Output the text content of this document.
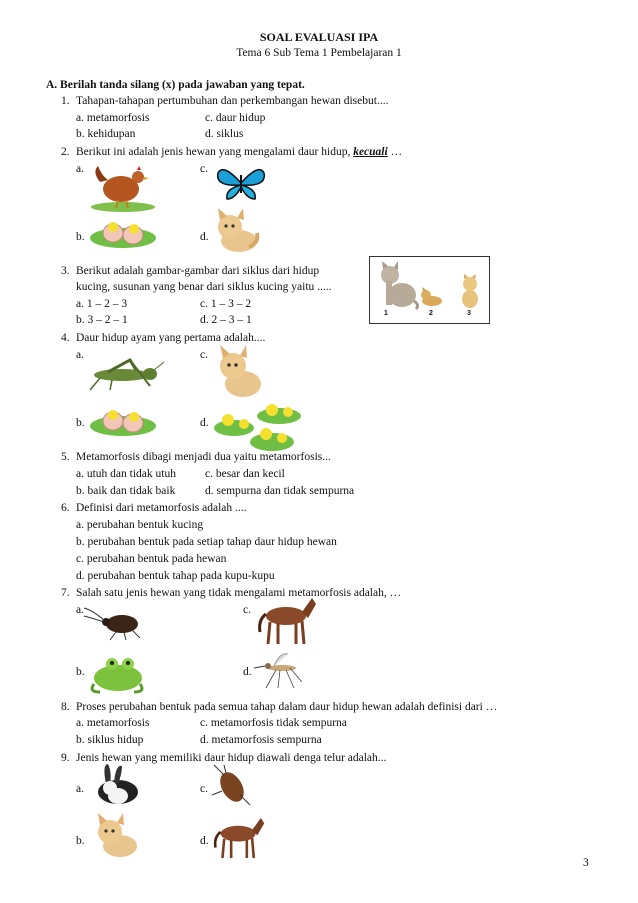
SOAL EVALUASI IPA
Tema 6 Sub Tema 1 Pembelajaran 1
A. Berilah tanda silang (x) pada jawaban yang tepat.
1. Tahapan-tahapan pertumbuhan dan perkembangan hewan disebut....
a. metamorfosis	c. daur hidup
b. kehidupan	d. siklus
2. Berikut ini adalah jenis hewan yang mengalami daur hidup, kecuali …
a.	c.
b.	d.
3. Berikut adalah gambar-gambar dari siklus dari hidup
kucing, susunan yang benar dari siklus kucing yaitu .....
a. 1 – 2 – 3	c. 1 – 3 – 2
b. 3 – 2 – 1	d. 2 – 3 – 1
1	2	3
4. Daur hidup ayam yang pertama adalah....
a.	c.
b.	d.
5. Metamorfosis dibagi menjadi dua yaitu metamorfosis...
a. utuh dan tidak utuh	c. besar dan kecil
b. baik dan tidak baik	d. sempurna dan tidak sempurna
6. Definisi dari metamorfosis adalah ....
a. perubahan bentuk kucing
b. perubahan bentuk pada setiap tahap daur hidup hewan
c. perubahan bentuk pada hewan
d. perubahan bentuk tahap pada kupu-kupu
7. Salah satu jenis hewan yang tidak mengalami metamorfosis adalah, …
a.	c.
b.	d.
8. Proses perubahan bentuk pada semua tahap dalam daur hidup hewan adalah definisi dari …
a. metamorfosis	c. metamorfosis tidak sempurna
b. siklus hidup	d. metamorfosis sempurna
9. Jenis hewan yang memiliki daur hidup diawali denga telur adalah...
a.	c.
b.	d.
3
